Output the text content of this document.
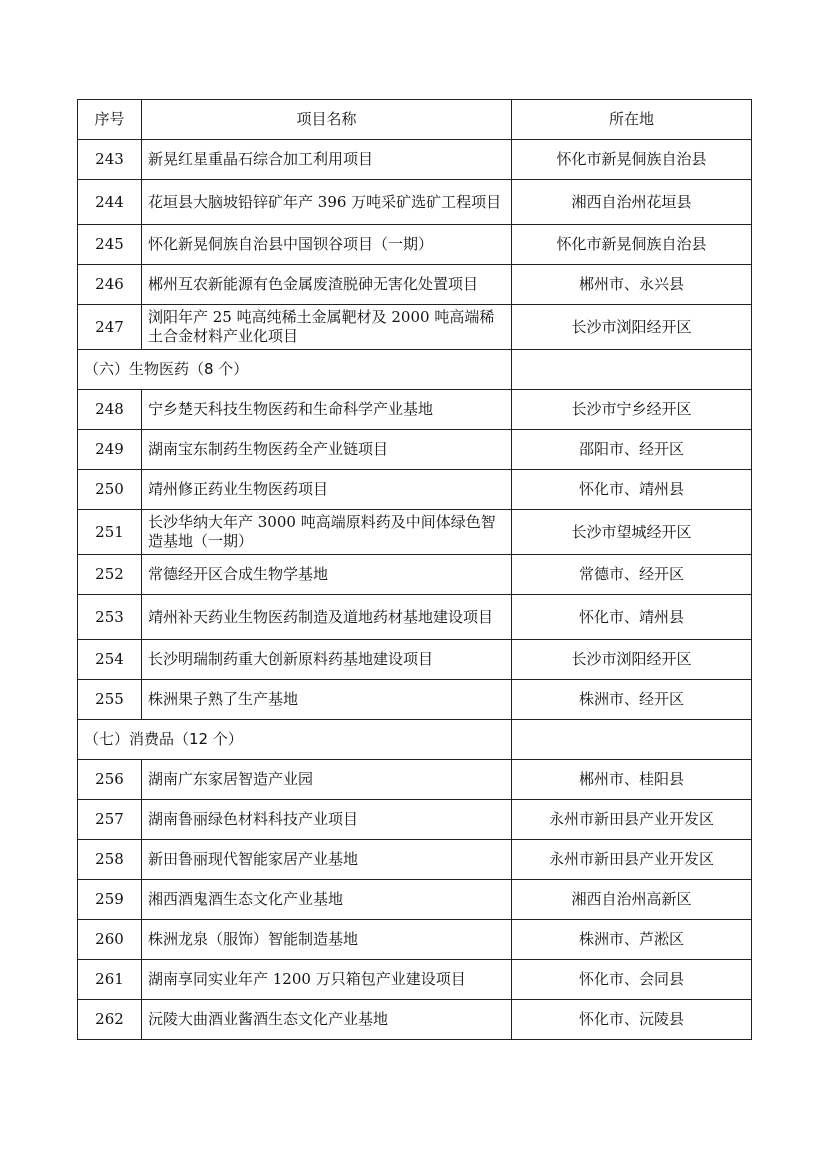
序号	项目名称	所在地
243	新晃红星重晶石综合加工利用项目	怀化市新晃侗族自治县
244	花垣县大脑坡铅锌矿年产 396 万吨采矿选矿工程项目	湘西自治州花垣县
245	怀化新晃侗族自治县中国钡谷项目（一期）	怀化市新晃侗族自治县
246	郴州互农新能源有色金属废渣脱砷无害化处置项目	郴州市、永兴县
247	浏阳年产 25 吨高纯稀土金属靶材及 2000 吨高端稀土合金材料产业化项目	长沙市浏阳经开区
（六）生物医药（8 个）		
248	宁乡楚天科技生物医药和生命科学产业基地	长沙市宁乡经开区
249	湖南宝东制药生物医药全产业链项目	邵阳市、经开区
250	靖州修正药业生物医药项目	怀化市、靖州县
251	长沙华纳大年产 3000 吨高端原料药及中间体绿色智造基地（一期）	长沙市望城经开区
252	常德经开区合成生物学基地	常德市、经开区
253	靖州补天药业生物医药制造及道地药材基地建设项目	怀化市、靖州县
254	长沙明瑞制药重大创新原料药基地建设项目	长沙市浏阳经开区
255	株洲果子熟了生产基地	株洲市、经开区
（七）消费品（12 个）		
256	湖南广东家居智造产业园	郴州市、桂阳县
257	湖南鲁丽绿色材料科技产业项目	永州市新田县产业开发区
258	新田鲁丽现代智能家居产业基地	永州市新田县产业开发区
259	湘西酒鬼酒生态文化产业基地	湘西自治州高新区
260	株洲龙泉（服饰）智能制造基地	株洲市、芦淞区
261	湖南享同实业年产 1200 万只箱包产业建设项目	怀化市、会同县
262	沅陵大曲酒业酱酒生态文化产业基地	怀化市、沅陵县
